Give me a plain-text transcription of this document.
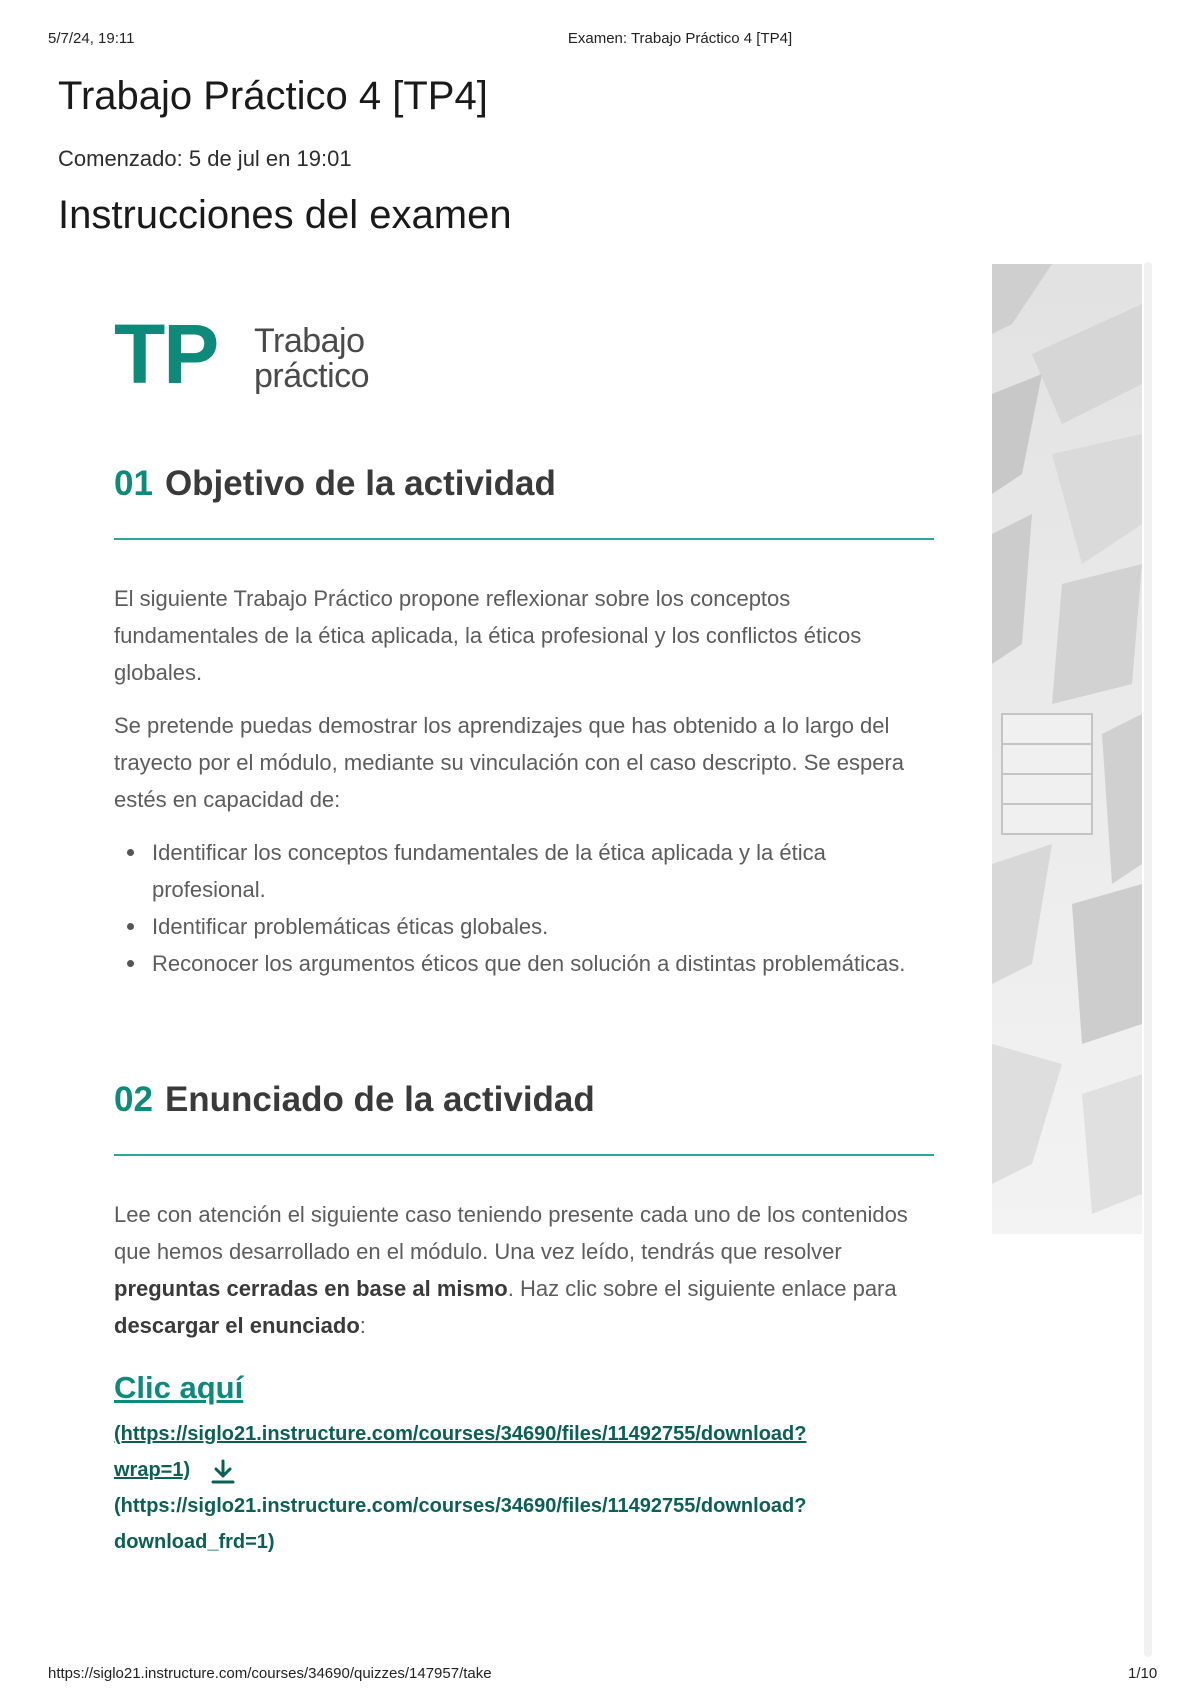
5/7/24, 19:11	Examen: Trabajo Práctico 4 [TP4]
Trabajo Práctico 4 [TP4]
Comenzado: 5 de jul en 19:01
Instrucciones del examen
TP Trabajo
práctico
01 Objetivo de la actividad

El siguiente Trabajo Práctico propone reflexionar sobre los conceptos fundamentales de la ética aplicada, la ética profesional y los conflictos éticos globales.

Se pretende puedas demostrar los aprendizajes que has obtenido a lo largo del trayecto por el módulo, mediante su vinculación con el caso descripto. Se espera estés en capacidad de:

Identificar los conceptos fundamentales de la ética aplicada y la ética profesional.
Identificar problemáticas éticas globales.
Reconocer los argumentos éticos que den solución a distintas problemáticas.
02 Enunciado de la actividad

Lee con atención el siguiente caso teniendo presente cada uno de los contenidos que hemos desarrollado en el módulo. Una vez leído, tendrás que resolver preguntas cerradas en base al mismo. Haz clic sobre el siguiente enlace para descargar el enunciado:

Clic aquí
(https://siglo21.instructure.com/courses/34690/files/11492755/download?
wrap=1)
(https://siglo21.instructure.com/courses/34690/files/11492755/download?
download_frd=1)
https://siglo21.instructure.com/courses/34690/quizzes/147957/take	1/10
